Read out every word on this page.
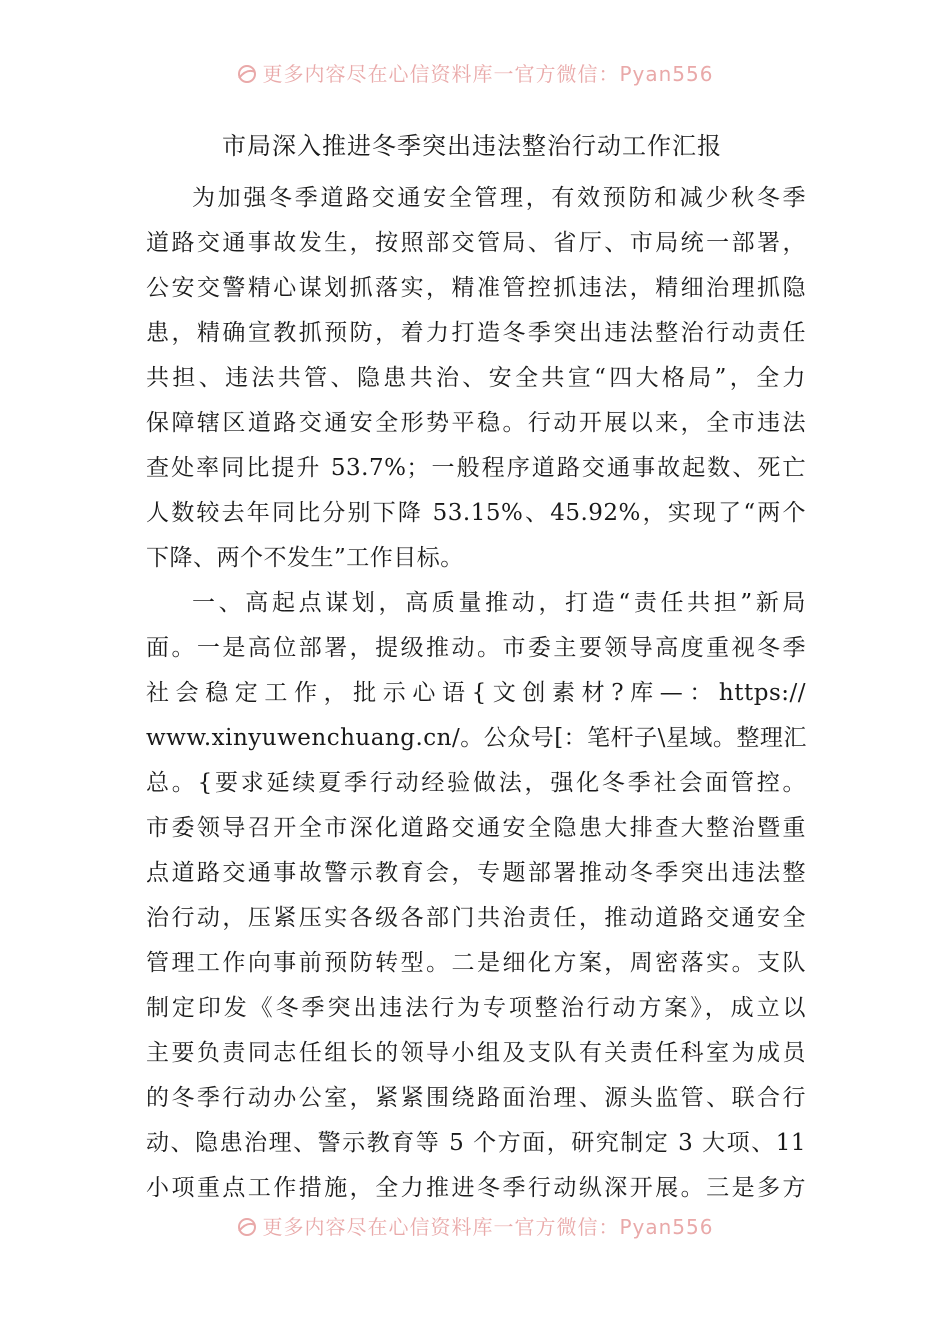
更多内容尽在心信资料库一官方微信：Pyan556
市局深入推进冬季突出违法整治行动工作汇报
为加强冬季道路交通安全管理，有效预防和减少秋冬季
道路交通事故发生，按照部交管局、省厅、市局统一部署，
公安交警精心谋划抓落实，精准管控抓违法，精细治理抓隐
患，精确宣教抓预防，着力打造冬季突出违法整治行动责任
共担、违法共管、隐患共治、安全共宣“四大格局”，全力
保障辖区道路交通安全形势平稳。行动开展以来，全市违法
查处率同比提升 53.7%；一般程序道路交通事故起数、死亡
人数较去年同比分别下降 53.15%、45.92%，实现了“两个
下降、两个不发生”工作目标。
一、高起点谋划，高质量推动，打造“责任共担”新局
面。一是高位部署，提级推动。市委主要领导高度重视冬季
社会稳定工作，批示心语{文创素材?库—：https://
www.xinyuwenchuang.cn/。公众号[：笔杆子\星域。整理汇
总。{要求延续夏季行动经验做法，强化冬季社会面管控。
市委领导召开全市深化道路交通安全隐患大排查大整治暨重
点道路交通事故警示教育会，专题部署推动冬季突出违法整
治行动，压紧压实各级各部门共治责任，推动道路交通安全
管理工作向事前预防转型。二是细化方案，周密落实。支队
制定印发《冬季突出违法行为专项整治行动方案》，成立以
主要负责同志任组长的领导小组及支队有关责任科室为成员
的冬季行动办公室，紧紧围绕路面治理、源头监管、联合行
动、隐患治理、警示教育等 5 个方面，研究制定 3 大项、11
小项重点工作措施，全力推进冬季行动纵深开展。三是多方
更多内容尽在心信资料库一官方微信：Pyan556
